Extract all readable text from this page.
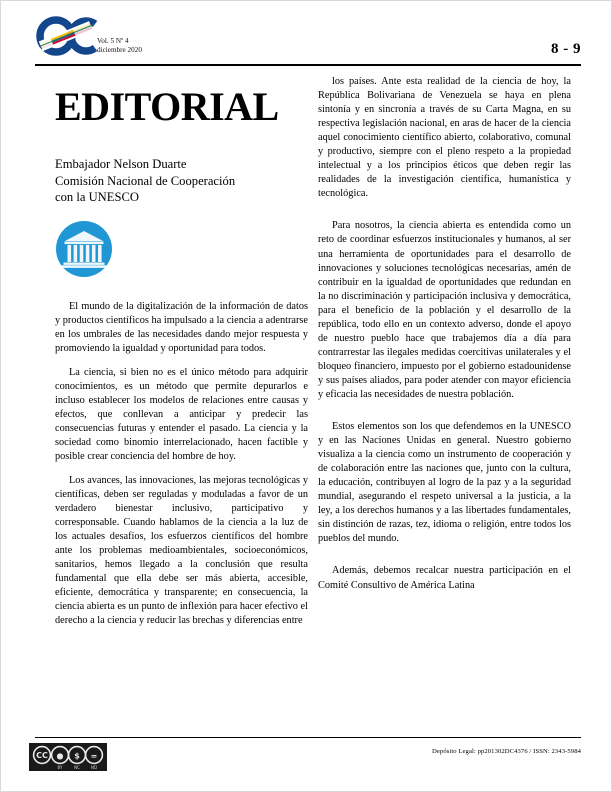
Vol. 5 Nº 4
diciembre 2020	8 - 9
EDITORIAL
Embajador Nelson Duarte
Comisión Nacional de Cooperación
con la UNESCO

El mundo de la digitalización de la información de datos y productos científicos ha impulsado a la ciencia a adentrarse en los umbrales de las necesidades dando mejor respuesta y promoviendo la igualdad y oportunidad para todos.

La ciencia, si bien no es el único método para adquirir conocimientos, es un método que permite depurarlos e incluso establecer los modelos de relaciones entre causas y efectos, que conllevan a anticipar y predecir las consecuencias futuras y entender el pasado. La ciencia y la sociedad como binomio interrelacionado, hacen factible y posible crear conciencia del hombre de hoy.

Los avances, las innovaciones, las mejoras tecnológicas y científicas, deben ser reguladas y moduladas a favor de un verdadero bienestar inclusivo, participativo y corresponsable. Cuando hablamos de la ciencia a la luz de los actuales desafíos, los esfuerzos científicos del hombre ante los problemas medioambientales, socioeconómicos, sanitarios, hemos llegado a la conclusión que resulta fundamental que ella debe ser más abierta, accesible, eficiente, democrática y transparente; en consecuencia, la ciencia abierta es un punto de inflexión para hacer efectivo el derecho a la ciencia y reducir las brechas y diferencias entre

los países. Ante esta realidad de la ciencia de hoy, la República Bolivariana de Venezuela se haya en plena sintonía y en sincronía a través de su Carta Magna, en su respectiva legislación nacional, en aras de hacer de la ciencia aquel conocimiento científico abierto, colaborativo, comunal y productivo, siempre con el pleno respeto a la propiedad intelectual y a los principios éticos que deben regir las realidades de la investigación científica, humanística y tecnológica.

Para nosotros, la ciencia abierta es entendida como un reto de coordinar esfuerzos institucionales y humanos, al ser una herramienta de oportunidades para el desarrollo de innovaciones y soluciones tecnológicas necesarias, amén de contribuir en la igualdad de oportunidades que redundan en la no discriminación y participación inclusiva y democrática, para el beneficio de la población y el desarrollo de la república, todo ello en un contexto adverso, donde el apoyo de nuestro pueblo hace que trabajemos día a día para contrarrestar las ilegales medidas coercitivas unilaterales y el bloqueo financiero, impuesto por el gobierno estadounidense y sus países aliados, para poder atender con mayor eficiencia y eficacia las necesidades de nuestra población.

Estos elementos son los que defendemos en la UNESCO y en las Naciones Unidas en general. Nuestro gobierno visualiza a la ciencia como un instrumento de cooperación y de colaboración entre las naciones que, junto con la cultura, la educación, contribuyen al logro de la paz y a la seguridad mundial, asegurando el respeto universal a la justicia, a la ley, a los derechos humanos y a las libertades fundamentales, sin distinción de razas, tez, idioma o religión, entre todos los pueblos del mundo.

Además, debemos recalcar nuestra participación en el Comité Consultivo de América Latina

CC ● $ =
BY	NC	ND
Depósito Legal: pp201302DC4376 / ISSN: 2343-5984
